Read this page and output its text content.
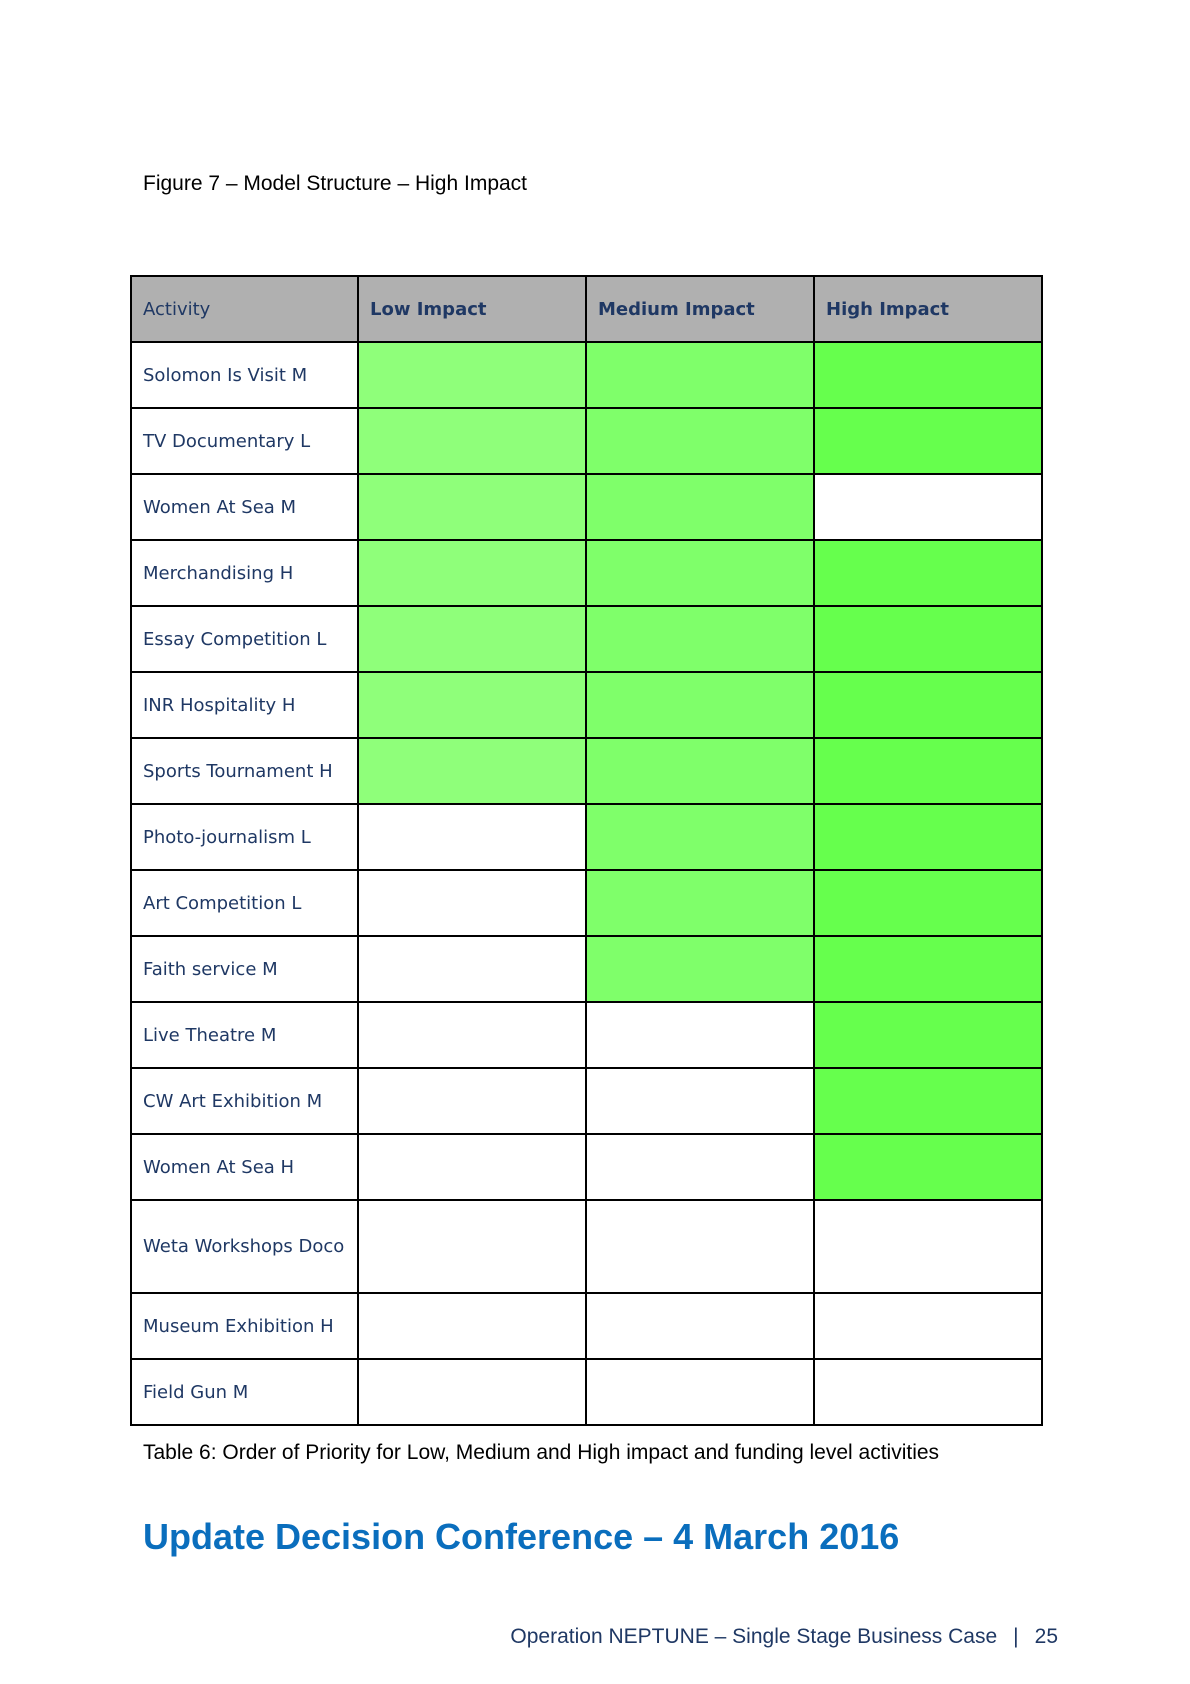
Figure 7 – Model Structure – High Impact
Activity	Low Impact	Medium Impact	High Impact
Solomon Is Visit M			
TV Documentary L			
Women At Sea M			
Merchandising H			
Essay Competition L			
INR Hospitality H			
Sports Tournament H			
Photo-journalism L			
Art Competition L			
Faith service M			
Live Theatre M			
CW Art Exhibition M			
Women At Sea H			
Weta Workshops Doco			
Museum Exhibition H			
Field Gun M			
Table 6: Order of Priority for Low, Medium and High impact and funding level activities
Update Decision Conference – 4 March 2016
Operation NEPTUNE – Single Stage Business Case | 25
